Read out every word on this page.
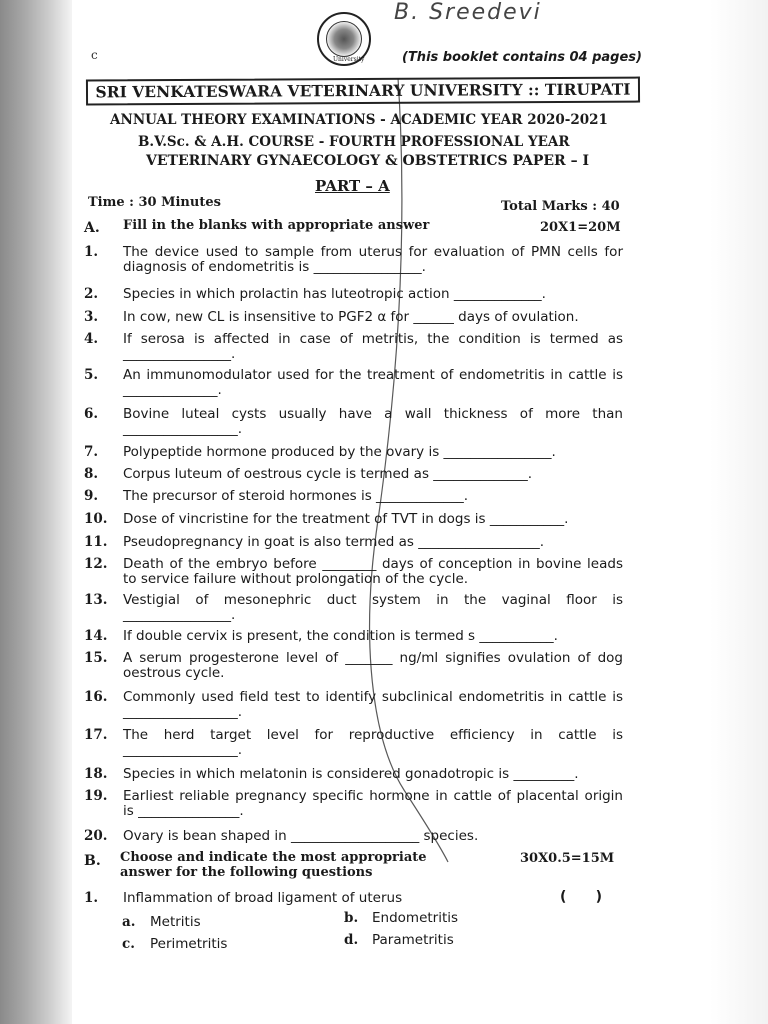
c	University
B. Sreedevi
(This booklet contains 04 pages)
SRI VENKATESWARA VETERINARY UNIVERSITY :: TIRUPATI
ANNUAL THEORY EXAMINATIONS - ACADEMIC YEAR 2020-2021
B.V.Sc. & A.H. COURSE - FOURTH PROFESSIONAL YEAR
VETERINARY GYNAECOLOGY & OBSTETRICS PAPER – I
PART – A
Time : 30 Minutes	Total Marks : 40
A. Fill in the blanks with appropriate answer	20X1=20M
1. The device used to sample from uterus for evaluation of PMN cells for diagnosis of endometritis is ________________.
2. Species in which prolactin has luteotropic action _____________.
3. In cow, new CL is insensitive to PGF2 α for ______ days of ovulation.
4. If serosa is affected in case of metritis, the condition is termed as ________________.
5. An immunomodulator used for the treatment of endometritis in cattle is ______________.
6. Bovine luteal cysts usually have a wall thickness of more than _________________.
7. Polypeptide hormone produced by the ovary is ________________.
8. Corpus luteum of oestrous cycle is termed as ______________.
9. The precursor of steroid hormones is _____________.
10. Dose of vincristine for the treatment of TVT in dogs is ___________.
11. Pseudopregnancy in goat is also termed as __________________.
12. Death of the embryo before ________ days of conception in bovine leads to service failure without prolongation of the cycle.
13. Vestigial of mesonephric duct system in the vaginal floor is ________________.
14. If double cervix is present, the condition is termed s ___________.
15. A serum progesterone level of _______ ng/ml signifies ovulation of dog oestrous cycle.
16. Commonly used field test to identify subclinical endometritis in cattle is _________________.
17. The herd target level for reproductive efficiency in cattle is _________________.
18. Species in which melatonin is considered gonadotropic is _________.
19. Earliest reliable pregnancy specific hormone in cattle of placental origin is _______________.
20. Ovary is bean shaped in ___________________ species.
B. Choose and indicate the most appropriate answer for the following questions
30X0.5=15M
1. Inflammation of broad ligament of uterus	(      )
a. Metritis	b. Endometritis
c. Perimetritis	d. Parametritis
